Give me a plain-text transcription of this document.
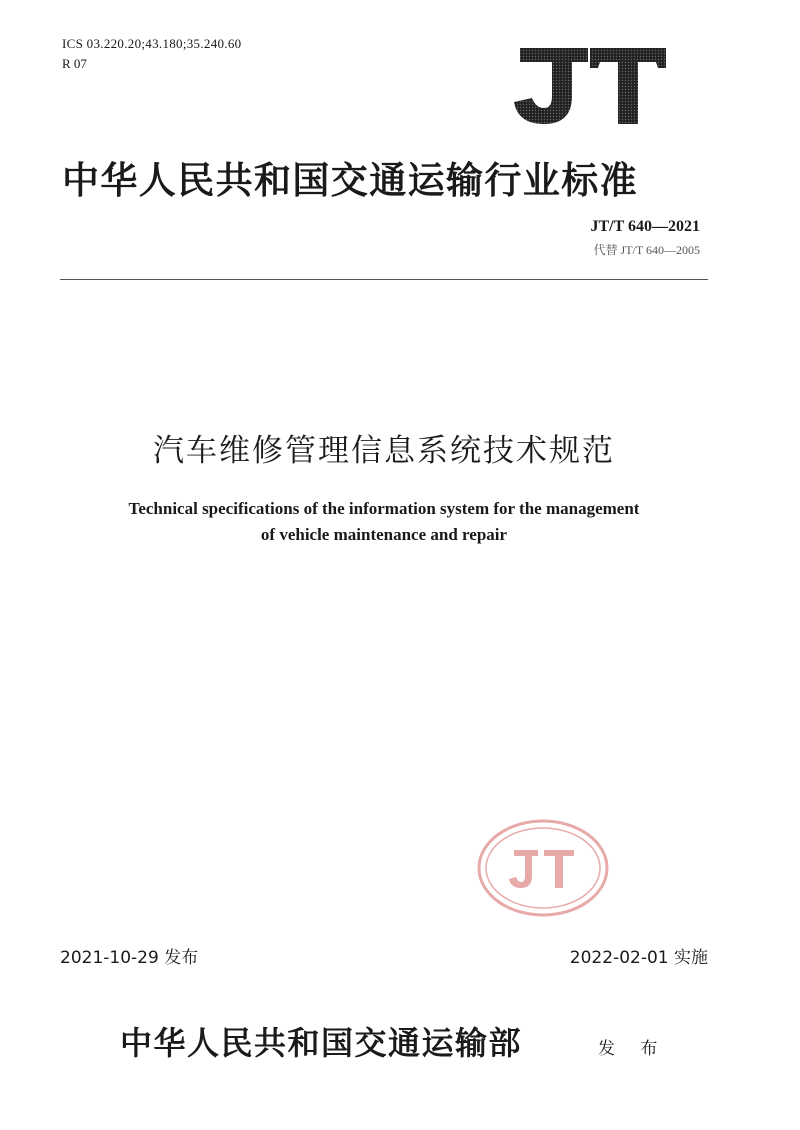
ICS 03.220.20;43.180;35.240.60
R 07
中华人民共和国交通运输行业标准
JT/T 640—2021
代替 JT/T 640—2005
汽车维修管理信息系统技术规范
Technical specifications of the information system for the management
of vehicle maintenance and repair
2021-10-29 发布	2022-02-01 实施
中华人民共和国交通运输部	发 布
